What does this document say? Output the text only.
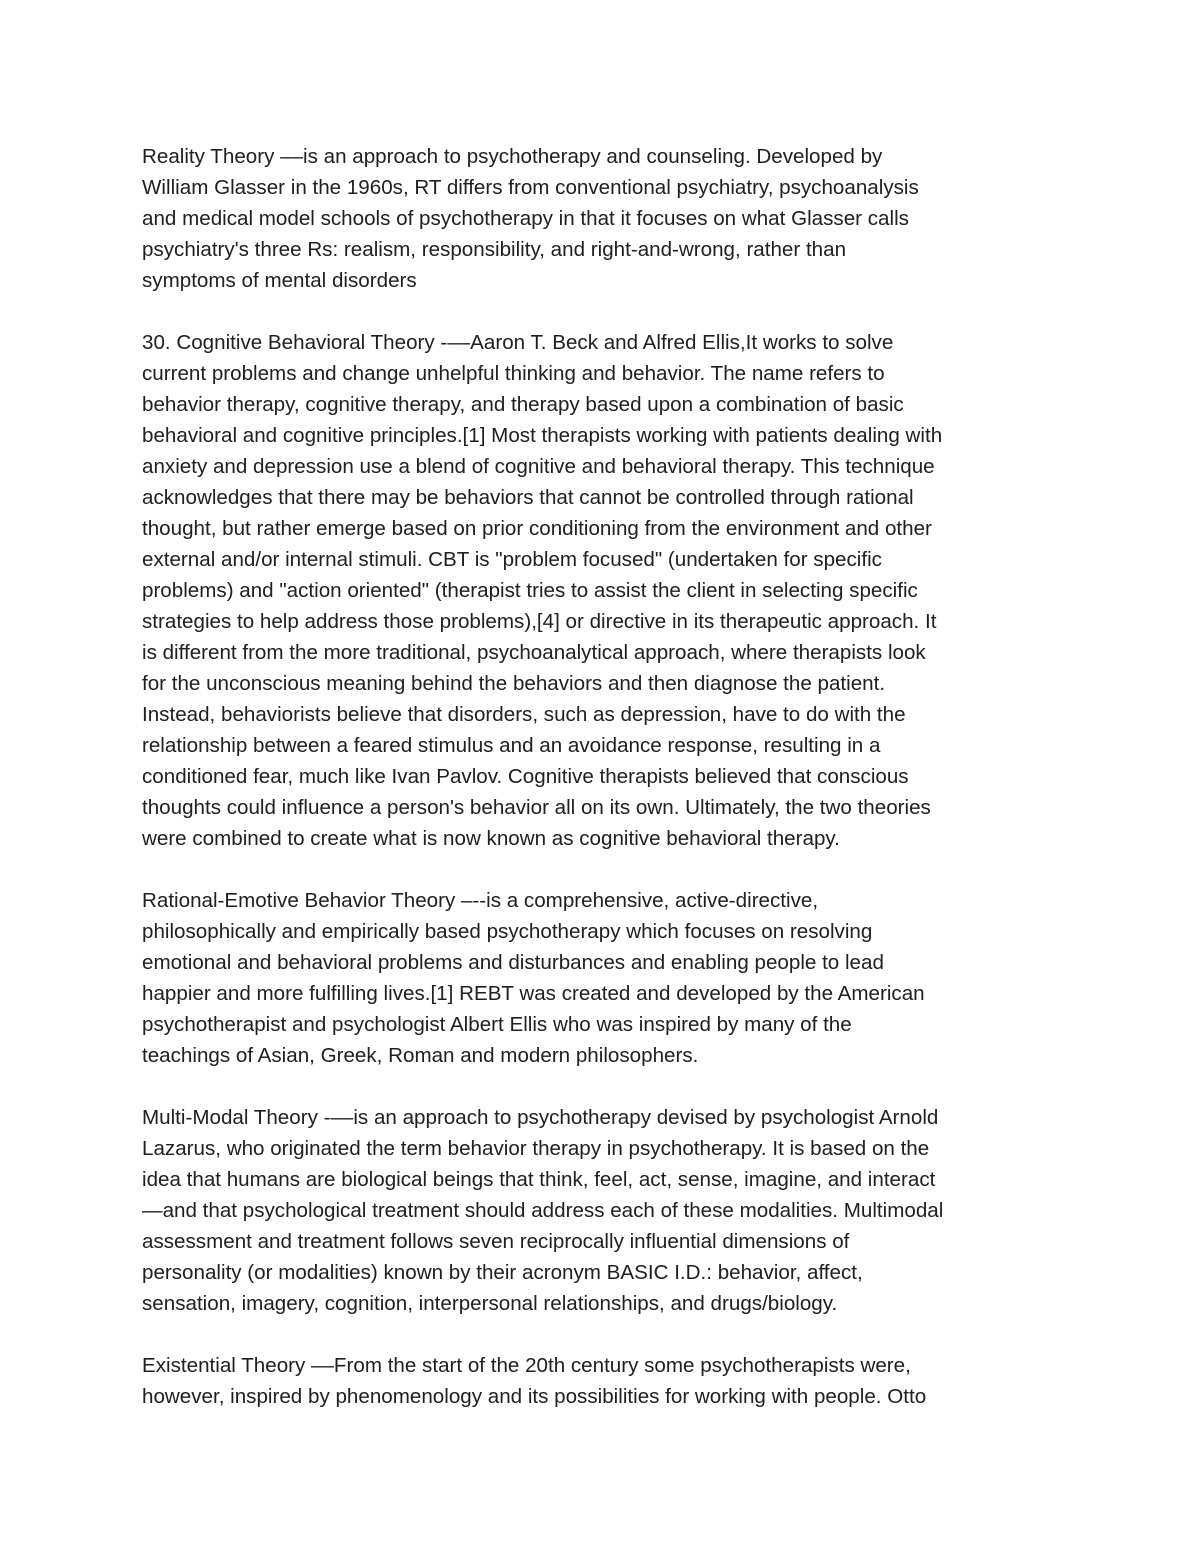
Reality Theory ––is an approach to psychotherapy and counseling. Developed by
William Glasser in the 1960s, RT differs from conventional psychiatry, psychoanalysis
and medical model schools of psychotherapy in that it focuses on what Glasser calls
psychiatry's three Rs: realism, responsibility, and right-and-wrong, rather than
symptoms of mental disorders

30. Cognitive Behavioral Theory -––Aaron T. Beck and Alfred Ellis,It works to solve
current problems and change unhelpful thinking and behavior. The name refers to
behavior therapy, cognitive therapy, and therapy based upon a combination of basic
behavioral and cognitive principles.[1] Most therapists working with patients dealing with
anxiety and depression use a blend of cognitive and behavioral therapy. This technique
acknowledges that there may be behaviors that cannot be controlled through rational
thought, but rather emerge based on prior conditioning from the environment and other
external and/or internal stimuli. CBT is "problem focused" (undertaken for specific
problems) and "action oriented" (therapist tries to assist the client in selecting specific
strategies to help address those problems),[4] or directive in its therapeutic approach. It
is different from the more traditional, psychoanalytical approach, where therapists look
for the unconscious meaning behind the behaviors and then diagnose the patient.
Instead, behaviorists believe that disorders, such as depression, have to do with the
relationship between a feared stimulus and an avoidance response, resulting in a
conditioned fear, much like Ivan Pavlov. Cognitive therapists believed that conscious
thoughts could influence a person's behavior all on its own. Ultimately, the two theories
were combined to create what is now known as cognitive behavioral therapy.

Rational-Emotive Behavior Theory –--is a comprehensive, active-directive,
philosophically and empirically based psychotherapy which focuses on resolving
emotional and behavioral problems and disturbances and enabling people to lead
happier and more fulfilling lives.[1] REBT was created and developed by the American
psychotherapist and psychologist Albert Ellis who was inspired by many of the
teachings of Asian, Greek, Roman and modern philosophers.

Multi-Modal Theory -––is an approach to psychotherapy devised by psychologist Arnold
Lazarus, who originated the term behavior therapy in psychotherapy. It is based on the
idea that humans are biological beings that think, feel, act, sense, imagine, and interact
—and that psychological treatment should address each of these modalities. Multimodal
assessment and treatment follows seven reciprocally influential dimensions of
personality (or modalities) known by their acronym BASIC I.D.: behavior, affect,
sensation, imagery, cognition, interpersonal relationships, and drugs/biology.

Existential Theory ––From the start of the 20th century some psychotherapists were,
however, inspired by phenomenology and its possibilities for working with people. Otto
